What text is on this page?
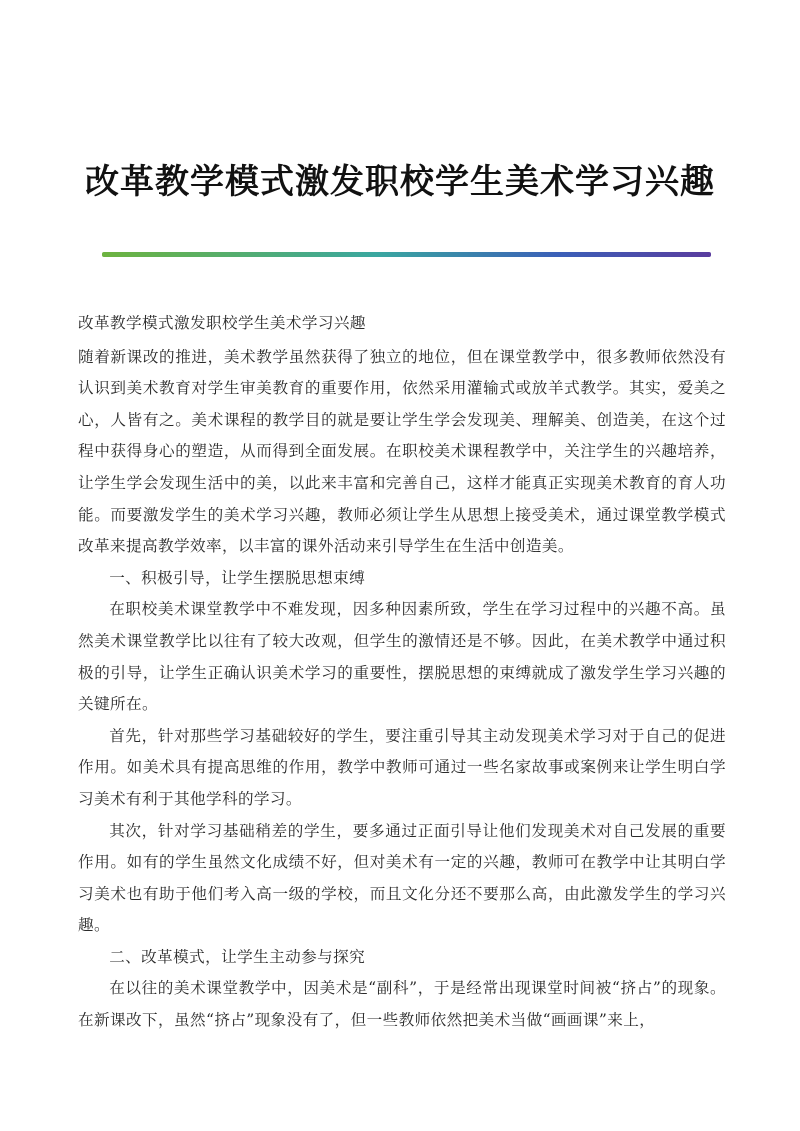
改革教学模式激发职校学生美术学习兴趣

改革教学模式激发职校学生美术学习兴趣

随着新课改的推进，美术教学虽然获得了独立的地位，但在课堂教学中，很多教师依然没有认识到美术教育对学生审美教育的重要作用，依然采用灌输式或放羊式教学。其实，爱美之心，人皆有之。美术课程的教学目的就是要让学生学会发现美、理解美、创造美，在这个过程中获得身心的塑造，从而得到全面发展。在职校美术课程教学中，关注学生的兴趣培养，让学生学会发现生活中的美，以此来丰富和完善自己，这样才能真正实现美术教育的育人功能。而要激发学生的美术学习兴趣，教师必须让学生从思想上接受美术，通过课堂教学模式改革来提高教学效率，以丰富的课外活动来引导学生在生活中创造美。

一、积极引导，让学生摆脱思想束缚

在职校美术课堂教学中不难发现，因多种因素所致，学生在学习过程中的兴趣不高。虽然美术课堂教学比以往有了较大改观，但学生的激情还是不够。因此，在美术教学中通过积极的引导，让学生正确认识美术学习的重要性，摆脱思想的束缚就成了激发学生学习兴趣的关键所在。

首先，针对那些学习基础较好的学生，要注重引导其主动发现美术学习对于自己的促进作用。如美术具有提高思维的作用，教学中教师可通过一些名家故事或案例来让学生明白学习美术有利于其他学科的学习。

其次，针对学习基础稍差的学生，要多通过正面引导让他们发现美术对自己发展的重要作用。如有的学生虽然文化成绩不好，但对美术有一定的兴趣，教师可在教学中让其明白学习美术也有助于他们考入高一级的学校，而且文化分还不要那么高，由此激发学生的学习兴趣。

二、改革模式，让学生主动参与探究

在以往的美术课堂教学中，因美术是“副科”，于是经常出现课堂时间被“挤占”的现象。在新课改下，虽然“挤占”现象没有了，但一些教师依然把美术当做“画画课”来上，
